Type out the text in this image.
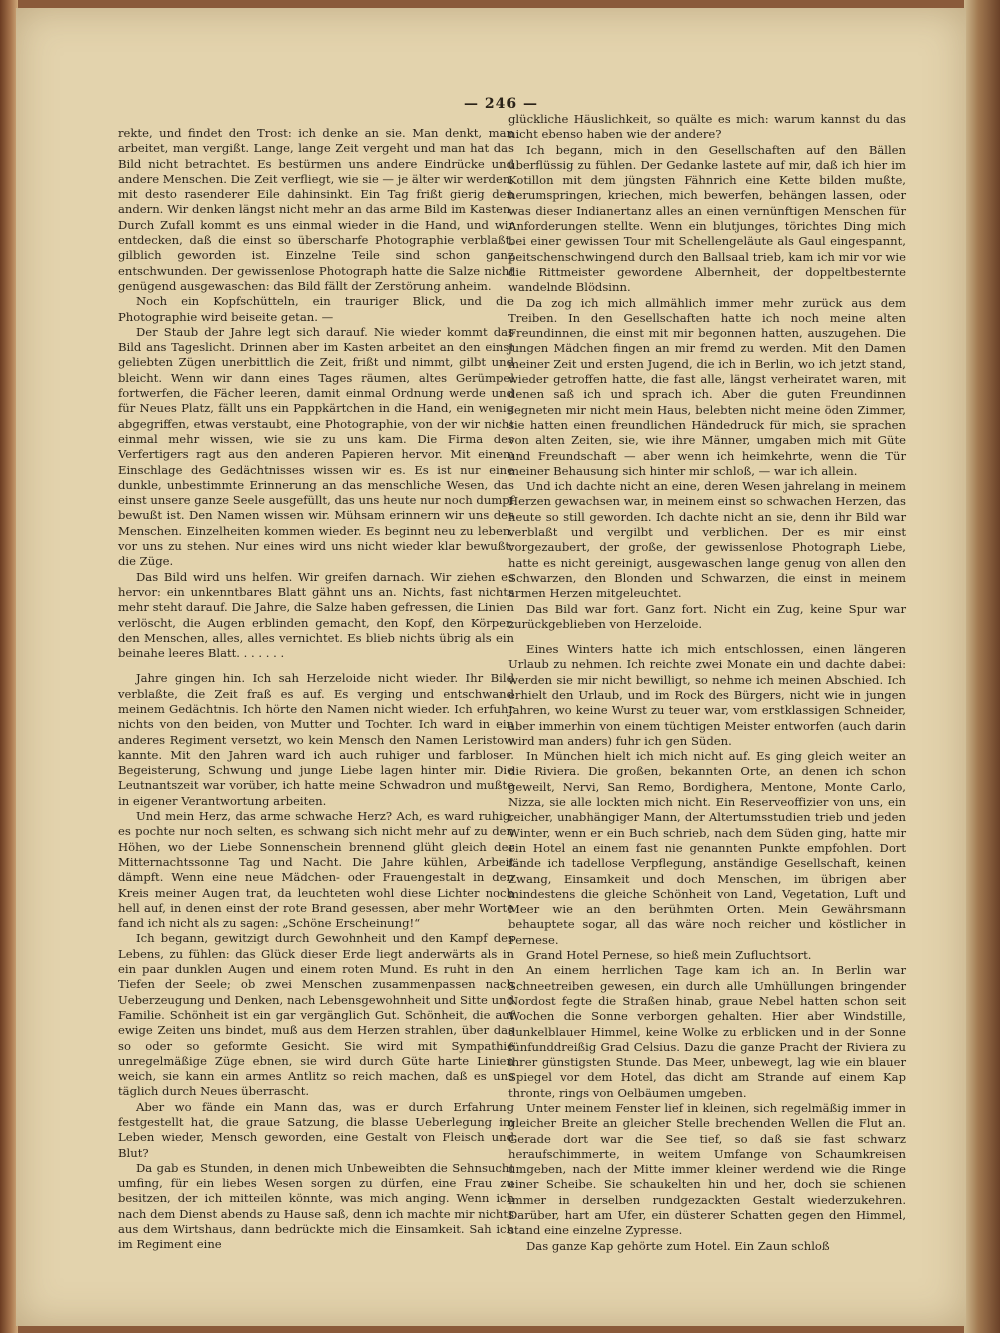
— 246 —

rekte, und findet den Trost: ich denke an sie. Man denkt, man arbeitet, man vergißt. Lange, lange Zeit vergeht und man hat das Bild nicht betrachtet. Es bestürmen uns andere Eindrücke und andere Menschen. Die Zeit verfliegt, wie sie — je älter wir werden, mit desto rasenderer Eile dahinsinkt. Ein Tag frißt gierig den andern. Wir denken längst nicht mehr an das arme Bild im Kasten. Durch Zufall kommt es uns einmal wieder in die Hand, und wir entdecken, daß die einst so überscharfe Photographie verblaßt, gilblich geworden ist. Einzelne Teile sind schon ganz entschwunden. Der gewissenlose Photograph hatte die Salze nicht genügend ausgewaschen: das Bild fällt der Zerstörung anheim.

Noch ein Kopfschütteln, ein trauriger Blick, und die Photographie wird beiseite getan. —

Der Staub der Jahre legt sich darauf. Nie wieder kommt das Bild ans Tageslicht. Drinnen aber im Kasten arbeitet an den einst geliebten Zügen unerbittlich die Zeit, frißt und nimmt, gilbt und bleicht. Wenn wir dann eines Tages räumen, altes Gerümpel fortwerfen, die Fächer leeren, damit einmal Ordnung werde und für Neues Platz, fällt uns ein Pappkärtchen in die Hand, ein wenig abgegriffen, etwas verstaubt, eine Photographie, von der wir nicht einmal mehr wissen, wie sie zu uns kam. Die Firma des Verfertigers ragt aus den anderen Papieren hervor. Mit einem Einschlage des Gedächtnisses wissen wir es. Es ist nur eine dunkle, unbestimmte Erinnerung an das menschliche Wesen, das einst unsere ganze Seele ausgefüllt, das uns heute nur noch dumpf bewußt ist. Den Namen wissen wir. Mühsam erinnern wir uns des Menschen. Einzelheiten kommen wieder. Es beginnt neu zu leben, vor uns zu stehen. Nur eines wird uns nicht wieder klar bewußt: die Züge.

Das Bild wird uns helfen. Wir greifen darnach. Wir ziehen es hervor: ein unkenntbares Blatt gähnt uns an. Nichts, fast nichts mehr steht darauf. Die Jahre, die Salze haben gefressen, die Linien verlöscht, die Augen erblinden gemacht, den Kopf, den Körper, den Menschen, alles, alles vernichtet. Es blieb nichts übrig als ein beinahe leeres Blatt. . . . . . .

Jahre gingen hin. Ich sah Herzeloide nicht wieder. Ihr Bild verblaßte, die Zeit fraß es auf. Es verging und entschwand meinem Gedächtnis. Ich hörte den Namen nicht wieder. Ich erfuhr nichts von den beiden, von Mutter und Tochter. Ich ward in ein anderes Regiment versetzt, wo kein Mensch den Namen Leristow kannte. Mit den Jahren ward ich auch ruhiger und farbloser. Begeisterung, Schwung und junge Liebe lagen hinter mir. Die Leutnantszeit war vorüber, ich hatte meine Schwadron und mußte in eigener Verantwortung arbeiten.

Und mein Herz, das arme schwache Herz? Ach, es ward ruhig, es pochte nur noch selten, es schwang sich nicht mehr auf zu den Höhen, wo der Liebe Sonnenschein brennend glüht gleich der Mitternachtssonne Tag und Nacht. Die Jahre kühlen, Arbeit dämpft. Wenn eine neue Mädchen- oder Frauengestalt in den Kreis meiner Augen trat, da leuchteten wohl diese Lichter noch hell auf, in denen einst der rote Brand gesessen, aber mehr Worte fand ich nicht als zu sagen: „Schöne Erscheinung!“

Ich begann, gewitzigt durch Gewohnheit und den Kampf des Lebens, zu fühlen: das Glück dieser Erde liegt anderwärts als in ein paar dunklen Augen und einem roten Mund. Es ruht in den Tiefen der Seele; ob zwei Menschen zusammenpassen nach Ueberzeugung und Denken, nach Lebensgewohnheit und Sitte und Familie. Schönheit ist ein gar vergänglich Gut. Schönheit, die auf ewige Zeiten uns bindet, muß aus dem Herzen strahlen, über das so oder so geformte Gesicht. Sie wird mit Sympathie unregelmäßige Züge ebnen, sie wird durch Güte harte Linien weich, sie kann ein armes Antlitz so reich machen, daß es uns täglich durch Neues überrascht.

Aber wo fände ein Mann das, was er durch Erfahrung festgestellt hat, die graue Satzung, die blasse Ueberlegung im Leben wieder, Mensch geworden, eine Gestalt von Fleisch und Blut?

Da gab es Stunden, in denen mich Unbeweibten die Sehnsucht umfing, für ein liebes Wesen sorgen zu dürfen, eine Frau zu besitzen, der ich mitteilen könnte, was mich anging. Wenn ich nach dem Dienst abends zu Hause saß, denn ich machte mir nichts aus dem Wirtshaus, dann bedrückte mich die Einsamkeit. Sah ich im Regiment eine

glückliche Häuslichkeit, so quälte es mich: warum kannst du das nicht ebenso haben wie der andere?

Ich begann, mich in den Gesellschaften auf den Bällen überflüssig zu fühlen. Der Gedanke lastete auf mir, daß ich hier im Kotillon mit dem jüngsten Fähnrich eine Kette bilden mußte, herumspringen, kriechen, mich bewerfen, behängen lassen, oder was dieser Indianertanz alles an einen vernünftigen Menschen für Anforderungen stellte. Wenn ein blutjunges, törichtes Ding mich bei einer gewissen Tour mit Schellengeläute als Gaul eingespannt, peitschenschwingend durch den Ballsaal trieb, kam ich mir vor wie die Rittmeister gewordene Albernheit, der doppeltbesternte wandelnde Blödsinn.

Da zog ich mich allmählich immer mehr zurück aus dem Treiben. In den Gesellschaften hatte ich noch meine alten Freundinnen, die einst mit mir begonnen hatten, auszugehen. Die jungen Mädchen fingen an mir fremd zu werden. Mit den Damen meiner Zeit und ersten Jugend, die ich in Berlin, wo ich jetzt stand, wieder getroffen hatte, die fast alle, längst verheiratet waren, mit denen saß ich und sprach ich. Aber die guten Freundinnen segneten mir nicht mein Haus, belebten nicht meine öden Zimmer, sie hatten einen freundlichen Händedruck für mich, sie sprachen von alten Zeiten, sie, wie ihre Männer, umgaben mich mit Güte und Freundschaft — aber wenn ich heimkehrte, wenn die Tür meiner Behausung sich hinter mir schloß, — war ich allein.

Und ich dachte nicht an eine, deren Wesen jahrelang in meinem Herzen gewachsen war, in meinem einst so schwachen Herzen, das heute so still geworden. Ich dachte nicht an sie, denn ihr Bild war verblaßt und vergilbt und verblichen. Der es mir einst vorgezaubert, der große, der gewissenlose Photograph Liebe, hatte es nicht gereinigt, ausgewaschen lange genug von allen den Schwarzen, den Blonden und Schwarzen, die einst in meinem armen Herzen mitgeleuchtet.

Das Bild war fort. Ganz fort. Nicht ein Zug, keine Spur war zurückgeblieben von Herzeloide.

Eines Winters hatte ich mich entschlossen, einen längeren Urlaub zu nehmen. Ich reichte zwei Monate ein und dachte dabei: werden sie mir nicht bewilligt, so nehme ich meinen Abschied. Ich erhielt den Urlaub, und im Rock des Bürgers, nicht wie in jungen Jahren, wo keine Wurst zu teuer war, vom erstklassigen Schneider, aber immerhin von einem tüchtigen Meister entworfen (auch darin wird man anders) fuhr ich gen Süden.

In München hielt ich mich nicht auf. Es ging gleich weiter an die Riviera. Die großen, bekannten Orte, an denen ich schon geweilt, Nervi, San Remo, Bordighera, Mentone, Monte Carlo, Nizza, sie alle lockten mich nicht. Ein Reserveoffizier von uns, ein reicher, unabhängiger Mann, der Altertumsstudien trieb und jeden Winter, wenn er ein Buch schrieb, nach dem Süden ging, hatte mir ein Hotel an einem fast nie genannten Punkte empfohlen. Dort fände ich tadellose Verpflegung, anständige Gesellschaft, keinen Zwang, Einsamkeit und doch Menschen, im übrigen aber mindestens die gleiche Schönheit von Land, Vegetation, Luft und Meer wie an den berühmten Orten. Mein Gewährsmann behauptete sogar, all das wäre noch reicher und köstlicher in Pernese.

Grand Hotel Pernese, so hieß mein Zufluchtsort.

An einem herrlichen Tage kam ich an. In Berlin war Schneetreiben gewesen, ein durch alle Umhüllungen bringender Nordost fegte die Straßen hinab, graue Nebel hatten schon seit Wochen die Sonne verborgen gehalten. Hier aber Windstille, dunkelblauer Himmel, keine Wolke zu erblicken und in der Sonne fünfunddreißig Grad Celsius. Dazu die ganze Pracht der Riviera zu ihrer günstigsten Stunde. Das Meer, unbewegt, lag wie ein blauer Spiegel vor dem Hotel, das dicht am Strande auf einem Kap thronte, rings von Oelbäumen umgeben.

Unter meinem Fenster lief in kleinen, sich regelmäßig immer in gleicher Breite an gleicher Stelle brechenden Wellen die Flut an. Gerade dort war die See tief, so daß sie fast schwarz heraufschimmerte, in weitem Umfange von Schaumkreisen umgeben, nach der Mitte immer kleiner werdend wie die Ringe einer Scheibe. Sie schaukelten hin und her, doch sie schienen immer in derselben rundgezackten Gestalt wiederzukehren. Darüber, hart am Ufer, ein düsterer Schatten gegen den Himmel, stand eine einzelne Zypresse.

Das ganze Kap gehörte zum Hotel. Ein Zaun schloß
